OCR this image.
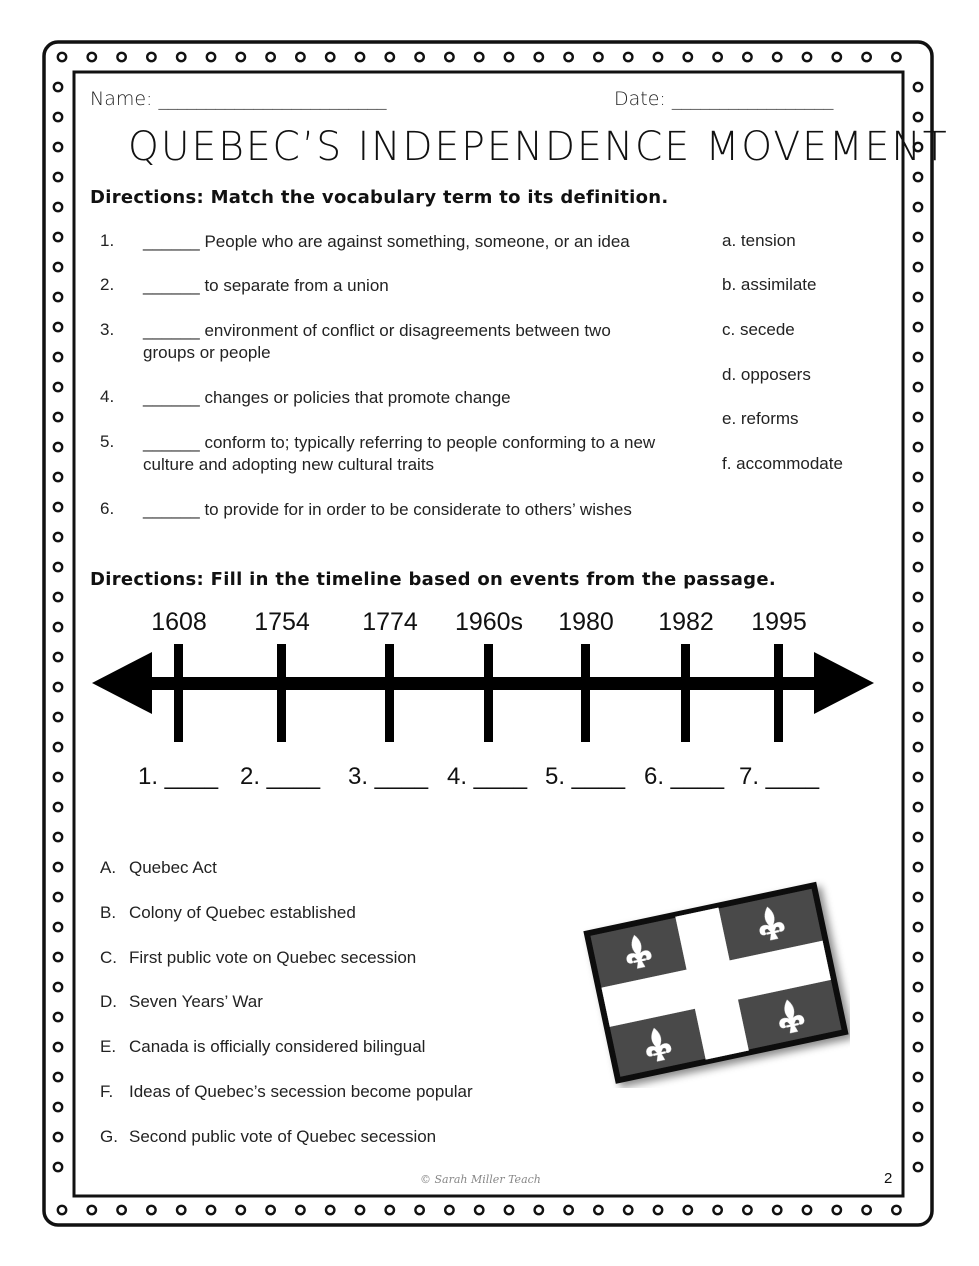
Name: ________________________	Date: _________________
QUEBEC’S INDEPENDENCE MOVEMENT
Directions: Match the vocabulary term to its definition.
1.	______ People who are against something, someone, or an idea
2.	______ to separate from a union
3.	______ environment of conflict or disagreements between two groups or people
4.	______ changes or policies that promote change
5.	______ conform to; typically referring to people conforming to a new culture and adopting new cultural traits
6.	______ to provide for in order to be considerate to others’ wishes
a. tension
b. assimilate
c. secede
d. opposers
e. reforms
f. accommodate
Directions: Fill in the timeline based on events from the passage.
1608	1754	1774	1960s	1980	1982	1995
1. ____ 2. ____ 3. ____ 4. ____ 5. ____ 6. ____ 7. ____
A. Quebec Act
B. Colony of Quebec established
C. First public vote on Quebec secession
D. Seven Years’ War
E. Canada is officially considered bilingual
F. Ideas of Quebec’s secession become popular
G. Second public vote of Quebec secession
© Sarah Miller Teach	2
